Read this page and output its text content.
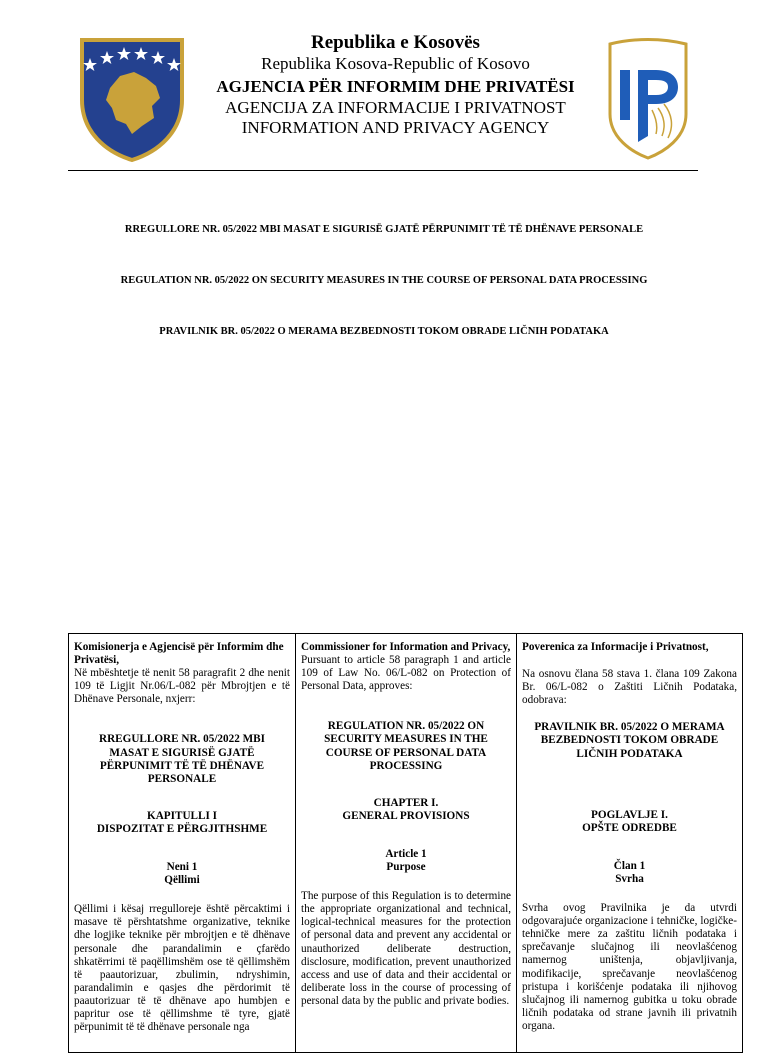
Republika e Kosovës
Republika Kosova-Republic of Kosovo
AGJENCIA PËR INFORMIM DHE PRIVATËSI
AGENCIJA ZA INFORMACIJE I PRIVATNOST
INFORMATION AND PRIVACY AGENCY
RREGULLORE NR. 05/2022 MBI MASAT E SIGURISË GJATË PËRPUNIMIT TË TË DHËNAVE PERSONALE
REGULATION NR. 05/2022 ON SECURITY MEASURES IN THE COURSE OF PERSONAL DATA PROCESSING
PRAVILNIK BR. 05/2022 O MERAMA BEZBEDNOSTI TOKOM OBRADE LIČNIH PODATAKA
Komisionerja e Agjencisë për Informim dhe Privatësi,
Në mbështetje të nenit 58 paragrafit 2 dhe nenit 109 të Ligjit Nr.06/L-082 për Mbrojtjen e të Dhënave Personale, nxjerr:
RREGULLORE NR. 05/2022 MBI MASAT E SIGURISË GJATË PËRPUNIMIT TË TË DHËNAVE PERSONALE
KAPITULLI I
DISPOZITAT E PËRGJITHSHME
Neni 1
Qëllimi
Qëllimi i kësaj rregulloreje është përcaktimi i masave të përshtatshme organizative, teknike dhe logjike teknike për mbrojtjen e të dhënave personale dhe parandalimin e çfarëdo shkatërrimi të paqëllimshëm ose të qëllimshëm të paautorizuar, zbulimin, ndryshimin, parandalimin e qasjes dhe përdorimit të paautorizuar të të dhënave apo humbjen e papritur ose të qëllimshme të tyre, gjatë përpunimit të të dhënave personale nga
Commissioner for Information and Privacy,
Pursuant to article 58 paragraph 1 and article 109 of Law No. 06/L-082 on Protection of Personal Data, approves:
REGULATION NR. 05/2022 ON SECURITY MEASURES IN THE COURSE OF PERSONAL DATA PROCESSING
CHAPTER I.
GENERAL PROVISIONS
Article 1
Purpose
The purpose of this Regulation is to determine the appropriate organizational and technical, logical-technical measures for the protection of personal data and prevent any accidental or unauthorized deliberate destruction, disclosure, modification, prevent unauthorized access and use of data and their accidental or deliberate loss in the course of processing of personal data by the public and private bodies.
Poverenica za Informacije i Privatnost,
Na osnovu člana 58 stava 1. člana 109 Zakona Br. 06/L-082 o Zaštiti Ličnih Podataka, odobrava:
PRAVILNIK BR. 05/2022 O MERAMA BEZBEDNOSTI TOKOM OBRADE LIČNIH PODATAKA
POGLAVLJE I.
OPŠTE ODREDBE
Član 1
Svrha
Svrha ovog Pravilnika je da utvrdi odgovarajuće organizacione i tehničke, logičke-tehničke mere za zaštitu ličnih podataka i sprečavanje slučajnog ili neovlašćenog namernog uništenja, objavljivanja, modifikacije, sprečavanje neovlašćenog pristupa i korišćenje podataka ili njihovog slučajnog ili namernog gubitka u toku obrade ličnih podataka od strane javnih ili privatnih organa.
